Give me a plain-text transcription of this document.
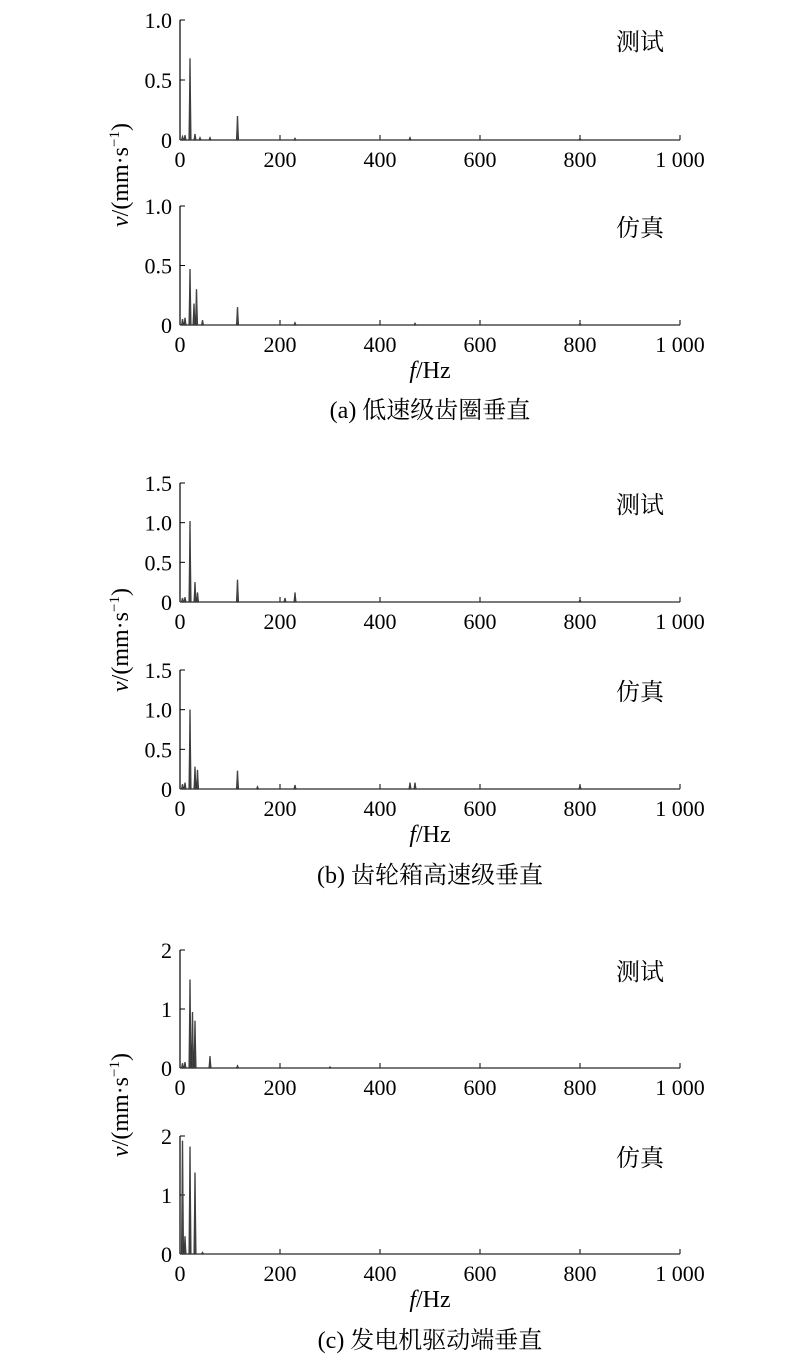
0
0.5
1.0
0	200	400	600	800	1 000
测试
0
0.5
1.0
0	200	400	600	800	1 000
仿真
0
0.5
1.0
1.5
0	200	400	600	800	1 000
测试
0
0.5
1.0
1.5
0	200	400	600	800	1 000
仿真
0
1
2
0	200	400	600	800	1 000
测试
0
1
2
0	200	400	600	800	1 000
仿真
$v/(mm\cdot s^{-1})$
f/Hz
(a) 低速级齿圈垂直
$v/(mm\cdot s^{-1})$
f/Hz
(b) 齿轮箱高速级垂直
$v/(mm\cdot s^{-1})$
f/Hz
(c) 发电机驱动端垂直
